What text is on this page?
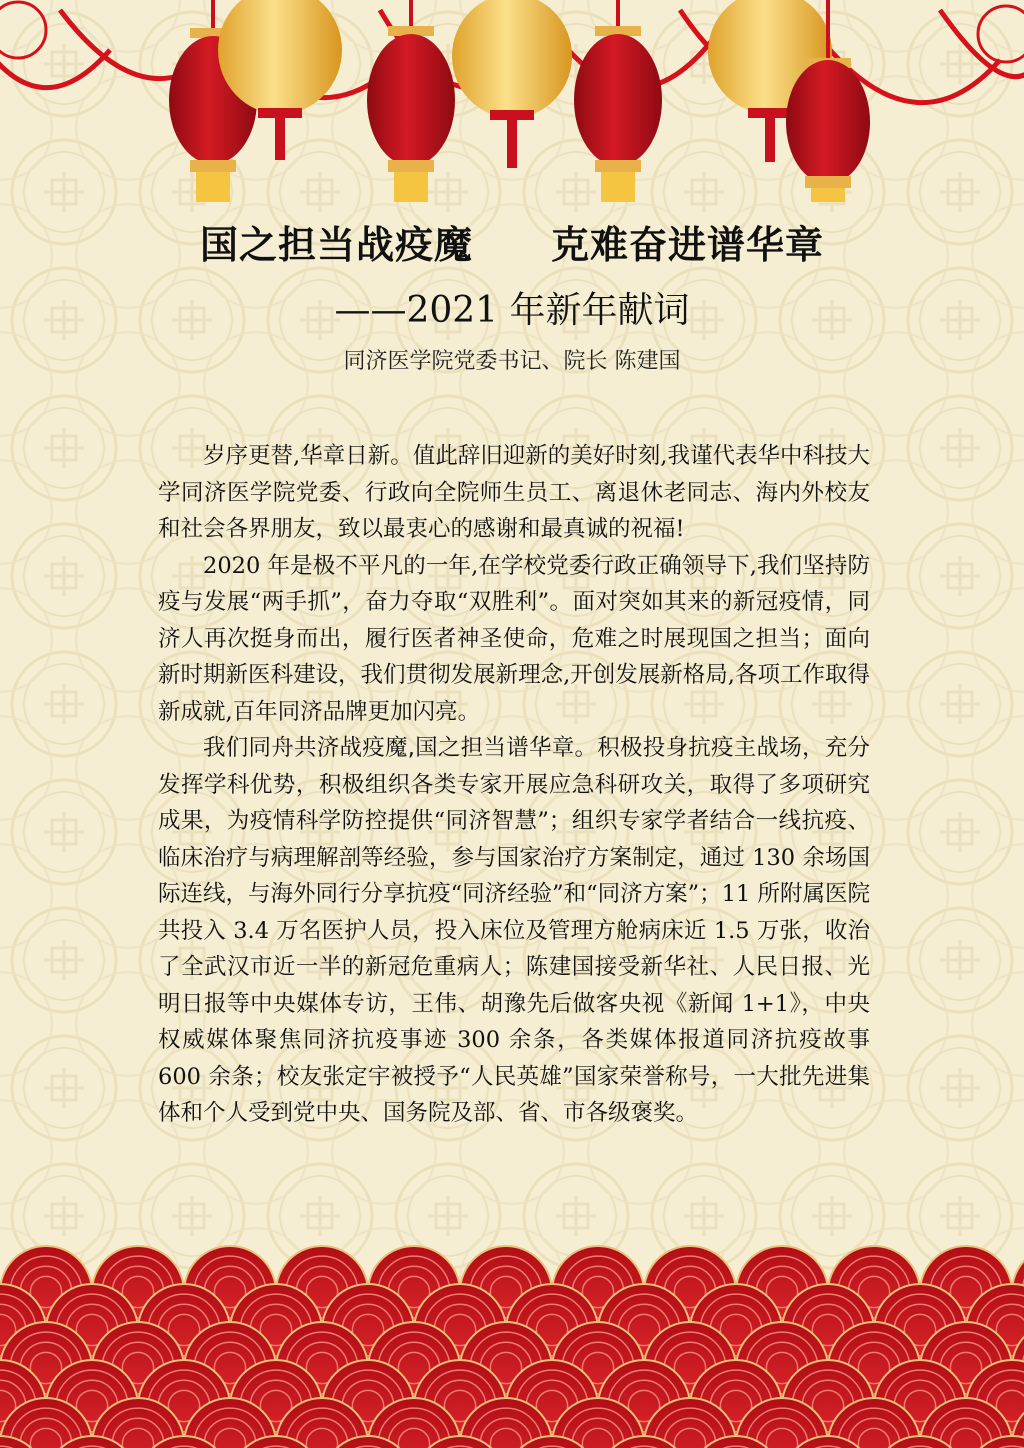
国之担当战疫魔　　克难奋进谱华章
——2021 年新年献词
同济医学院党委书记、院长 陈建国

岁序更替,华章日新。值此辞旧迎新的美好时刻,我谨代表华中科技大学同济医学院党委、行政向全院师生员工、离退休老同志、海内外校友和社会各界朋友，致以最衷心的感谢和最真诚的祝福!

2020 年是极不平凡的一年,在学校党委行政正确领导下,我们坚持防疫与发展“两手抓”，奋力夺取“双胜利”。面对突如其来的新冠疫情，同济人再次挺身而出，履行医者神圣使命，危难之时展现国之担当；面向新时期新医科建设，我们贯彻发展新理念,开创发展新格局,各项工作取得新成就,百年同济品牌更加闪亮。

我们同舟共济战疫魔,国之担当谱华章。积极投身抗疫主战场，充分发挥学科优势，积极组织各类专家开展应急科研攻关，取得了多项研究成果，为疫情科学防控提供“同济智慧”；组织专家学者结合一线抗疫、临床治疗与病理解剖等经验，参与国家治疗方案制定，通过 130 余场国际连线，与海外同行分享抗疫“同济经验”和“同济方案”；11 所附属医院共投入 3.4 万名医护人员，投入床位及管理方舱病床近 1.5 万张，收治了全武汉市近一半的新冠危重病人；陈建国接受新华社、人民日报、光明日报等中央媒体专访，王伟、胡豫先后做客央视《新闻 1+1》，中央权威媒体聚焦同济抗疫事迹 300 余条，各类媒体报道同济抗疫故事 600 余条；校友张定宇被授予“人民英雄”国家荣誉称号，一大批先进集体和个人受到党中央、国务院及部、省、市各级褒奖。
